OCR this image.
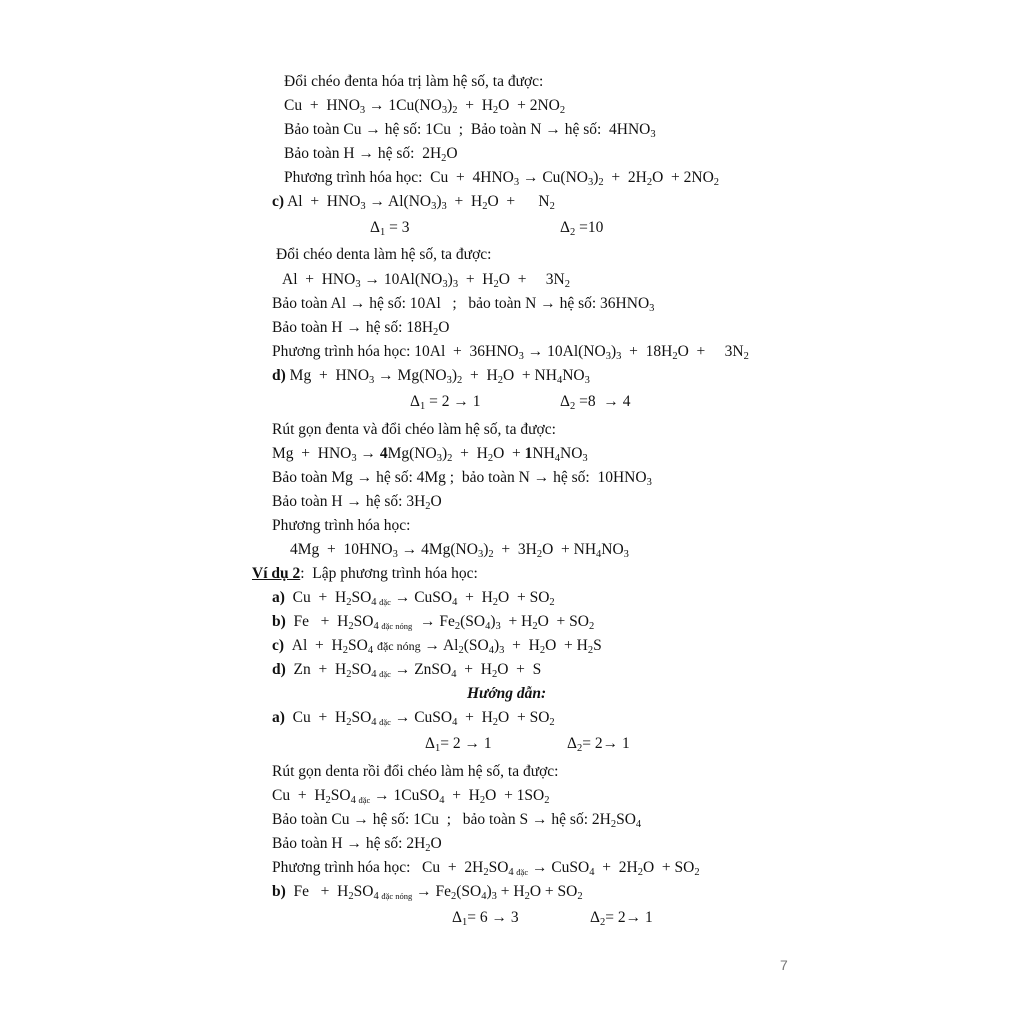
Đổi chéo đenta hóa trị làm hệ số, ta được:
$Cu + HNO_3 \to 1Cu(NO_3)_2 + H_2O + 2NO_2$
Bảo toàn Cu → hệ số: 1Cu  ;  Bảo toàn N → hệ số:  $4HNO_3$
Bảo toàn H → hệ số:  $2H_2O$
Phương trình hóa học:  $Cu + 4HNO_3 \to Cu(NO_3)_2 + 2H_2O + 2NO_2$
c) $Al + HNO_3 \to Al(NO_3)_3 + H_2O$  +      $N_2$
$\Delta_1 = 3$	$\Delta_2 =10$
Đổi chéo denta làm hệ số, ta được:
$Al + HNO_3 \to 10Al(NO_3)_3 + H_2O$  +     $3N_2$
Bảo toàn Al → hệ số: 10Al   ;   bảo toàn N → hệ số: $36HNO_3$
Bảo toàn H → hệ số: $18H_2O$
Phương trình hóa học: $10Al + 36HNO_3 \to 10Al(NO_3)_3 + 18H_2O$  +     $3N_2$
d) $Mg + HNO_3 \to Mg(NO_3)_2 + H_2O + NH_4NO_3$
$\Delta_1 = 2 \to 1$	$\Delta_2 =8 \to 4$
Rút gọn đenta và đổi chéo làm hệ số, ta được:
$Mg + HNO_3 \to 4Mg(NO_3)_2 + H_2O + 1NH_4NO_3$
Bảo toàn Mg → hệ số: 4Mg ;  bảo toàn N → hệ số:  $10HNO_3$
Bảo toàn H → hệ số: $3H_2O$
Phương trình hóa học:
$4Mg + 10HNO_3 \to 4Mg(NO_3)_2 + 3H_2O + NH_4NO_3$
Ví dụ 2:  Lập phương trình hóa học:
a)  $Cu + H_2SO_{4 đặc}$ → CuSO$_4$  +  $H_2O + SO_2$
b)  $Fe + H_2SO_{4 đặc nóng} \to Fe_2(SO_4)_3 + H_2O + SO_2$
c)  $Al + H_2SO_4$ đặc nóng → $Al_2(SO_4)_3 + H_2O + H_2S$
d)  $Zn + H_2SO_{4 đặc}$ → ZnSO$_4$  +  $H_2O + S$
Hướng dẫn:
a)  $Cu + H_2SO_{4 đặc}$ → CuSO$_4$  +  $H_2O + SO_2$
$\Delta_1= 2 \to 1$	$\Delta_2= 2\to 1$
Rút gọn denta rồi đổi chéo làm hệ số, ta được:
$Cu + H_2SO_{4 đặc}$ → 1CuSO$_4$  +  $H_2O + 1SO_2$
Bảo toàn Cu → hệ số: 1Cu  ;   bảo toàn S → hệ số: $2H_2SO_4$
Bảo toàn H → hệ số: $2H_2O$
Phương trình hóa học:   $Cu + 2H_2SO_{4 đặc}$ → CuSO$_4$  +  $2H_2O + SO_2$
b)  $Fe + H_2SO_{4 đặc nóng} \to Fe_2(SO_4)_3 + H_2O + SO_2$
$\Delta_1= 6 \to 3$	$\Delta_2= 2\to 1$
7
